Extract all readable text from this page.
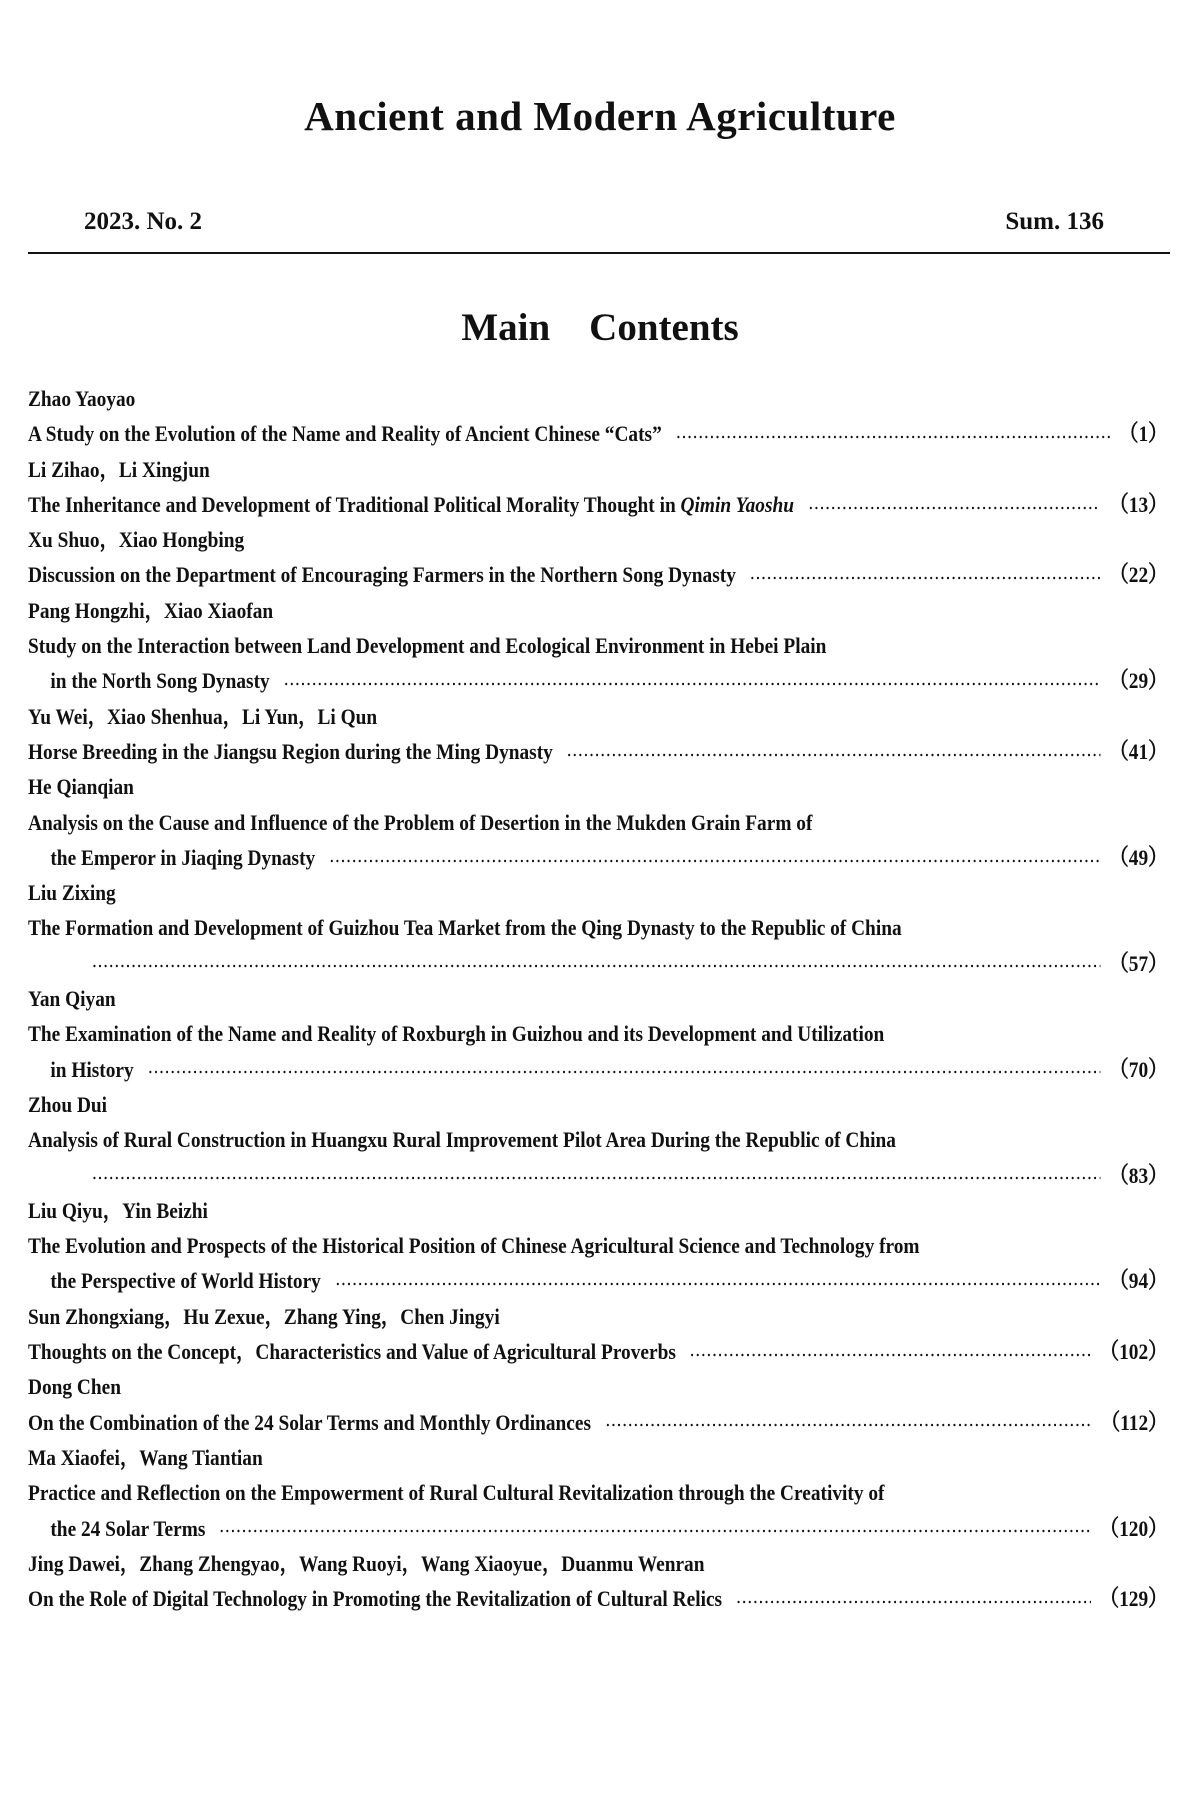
Ancient and Modern Agriculture
2023. No. 2	Sum. 136
Main　Contents
Zhao Yaoyao
A Study on the Evolution of the Name and Reality of Ancient Chinese “Cats”	（1）
Li Zihao，Li Xingjun
The Inheritance and Development of Traditional Political Morality Thought in Qimin Yaoshu	（13）
Xu Shuo，Xiao Hongbing
Discussion on the Department of Encouraging Farmers in the Northern Song Dynasty	（22）
Pang Hongzhi，Xiao Xiaofan
Study on the Interaction between Land Development and Ecological Environment in Hebei Plain
in the North Song Dynasty	（29）
Yu Wei，Xiao Shenhua，Li Yun，Li Qun
Horse Breeding in the Jiangsu Region during the Ming Dynasty	（41）
He Qianqian
Analysis on the Cause and Influence of the Problem of Desertion in the Mukden Grain Farm of
the Emperor in Jiaqing Dynasty	（49）
Liu Zixing
The Formation and Development of Guizhou Tea Market from the Qing Dynasty to the Republic of China
（57）
Yan Qiyan
The Examination of the Name and Reality of Roxburgh in Guizhou and its Development and Utilization
in History	（70）
Zhou Dui
Analysis of Rural Construction in Huangxu Rural Improvement Pilot Area During the Republic of China
（83）
Liu Qiyu，Yin Beizhi
The Evolution and Prospects of the Historical Position of Chinese Agricultural Science and Technology from
the Perspective of World History	（94）
Sun Zhongxiang，Hu Zexue，Zhang Ying，Chen Jingyi
Thoughts on the Concept，Characteristics and Value of Agricultural Proverbs	（102）
Dong Chen
On the Combination of the 24 Solar Terms and Monthly Ordinances	（112）
Ma Xiaofei，Wang Tiantian
Practice and Reflection on the Empowerment of Rural Cultural Revitalization through the Creativity of
the 24 Solar Terms	（120）
Jing Dawei，Zhang Zhengyao，Wang Ruoyi，Wang Xiaoyue，Duanmu Wenran
On the Role of Digital Technology in Promoting the Revitalization of Cultural Relics	（129）
